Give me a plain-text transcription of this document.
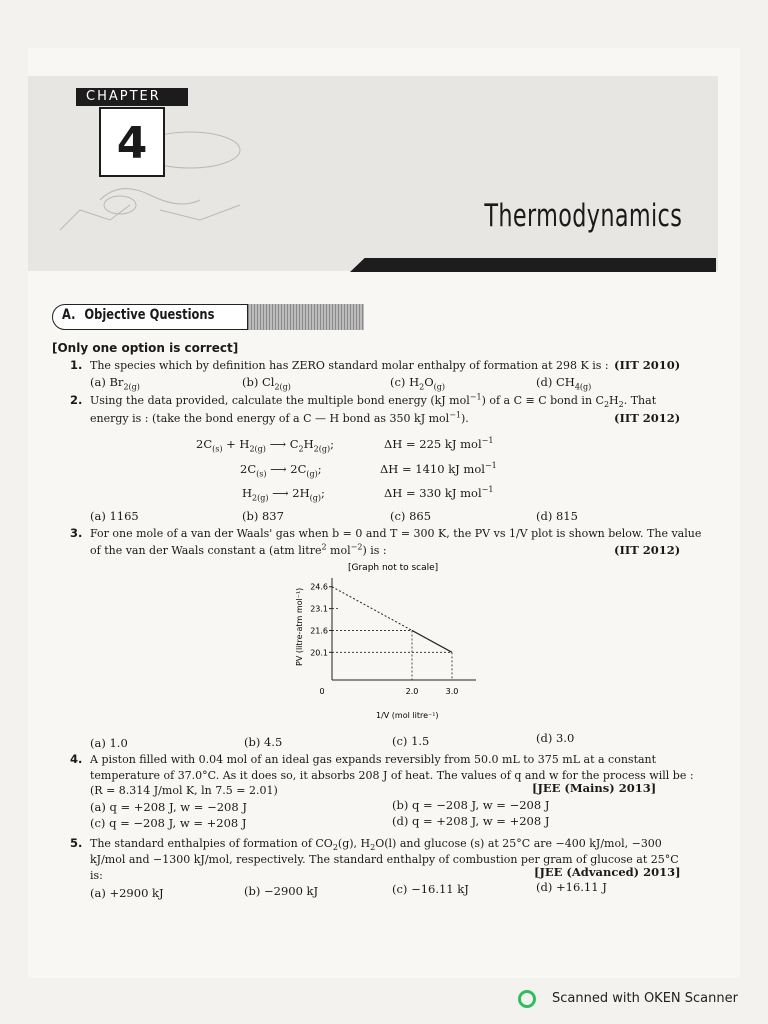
CHAPTER
4
Thermodynamics
A. Objective Questions
[Only one option is correct]
1. The species which by definition has ZERO standard molar enthalpy of formation at 298 K is : (IIT 2010)
(a) $Br_{2(g)}$	(b) $Cl_{2(g)}$	(c) $H_2O_{(g)}$	(d) $CH_{4(g)}$
2. Using the data provided, calculate the multiple bond energy (kJ mol$^{-1}$) of a C ≡ C bond in $C_2H_2$. That
energy is : (take the bond energy of a C — H bond as 350 kJ mol$^{-1}$).	(IIT 2012)
$2C_{(s)} + H_{2(g)}$ ⟶ $C_2H_{2(g)}$;	ΔH = 225 kJ mol$^{-1}$
$2C_{(s)}$ ⟶ $2C_{(g)}$;	ΔH = 1410 kJ mol$^{-1}$
$H_{2(g)}$ ⟶ $2H_{(g)}$;	ΔH = 330 kJ mol$^{-1}$
(a) 1165	(b) 837	(c) 865	(d) 815
3. For one mole of a van der Waals' gas when b = 0 and T = 300 K, the PV vs 1/V plot is shown below. The value
of the van der Waals constant a (atm litre$^2$ mol$^{-2}$) is :	(IIT 2012)
[Graph not to scale]
24.6
23.1
21.6
20.1
0	2.0	3.0
PV (litre-atm mol⁻¹)
1/V (mol litre⁻¹)
(a) 1.0	(b) 4.5	(c) 1.5	(d) 3.0
4. A piston filled with 0.04 mol of an ideal gas expands reversibly from 50.0 mL to 375 mL at a constant
temperature of 37.0°C. As it does so, it absorbs 208 J of heat. The values of q and w for the process will be :
(R = 8.314 J/mol K, ln 7.5 = 2.01)	[JEE (Mains) 2013]
(a) q = +208 J, w = −208 J	(b) q = −208 J, w = −208 J
(c) q = −208 J, w = +208 J	(d) q = +208 J, w = +208 J
5. The standard enthalpies of formation of $CO_2(g)$, $H_2O(l)$ and glucose (s) at 25°C are −400 kJ/mol, −300
kJ/mol and −1300 kJ/mol, respectively. The standard enthalpy of combustion per gram of glucose at 25°C
is:	[JEE (Advanced) 2013]
(a) +2900 kJ	(b) −2900 kJ	(c) −16.11 kJ	(d) +16.11 J
Scanned with OKEN Scanner
